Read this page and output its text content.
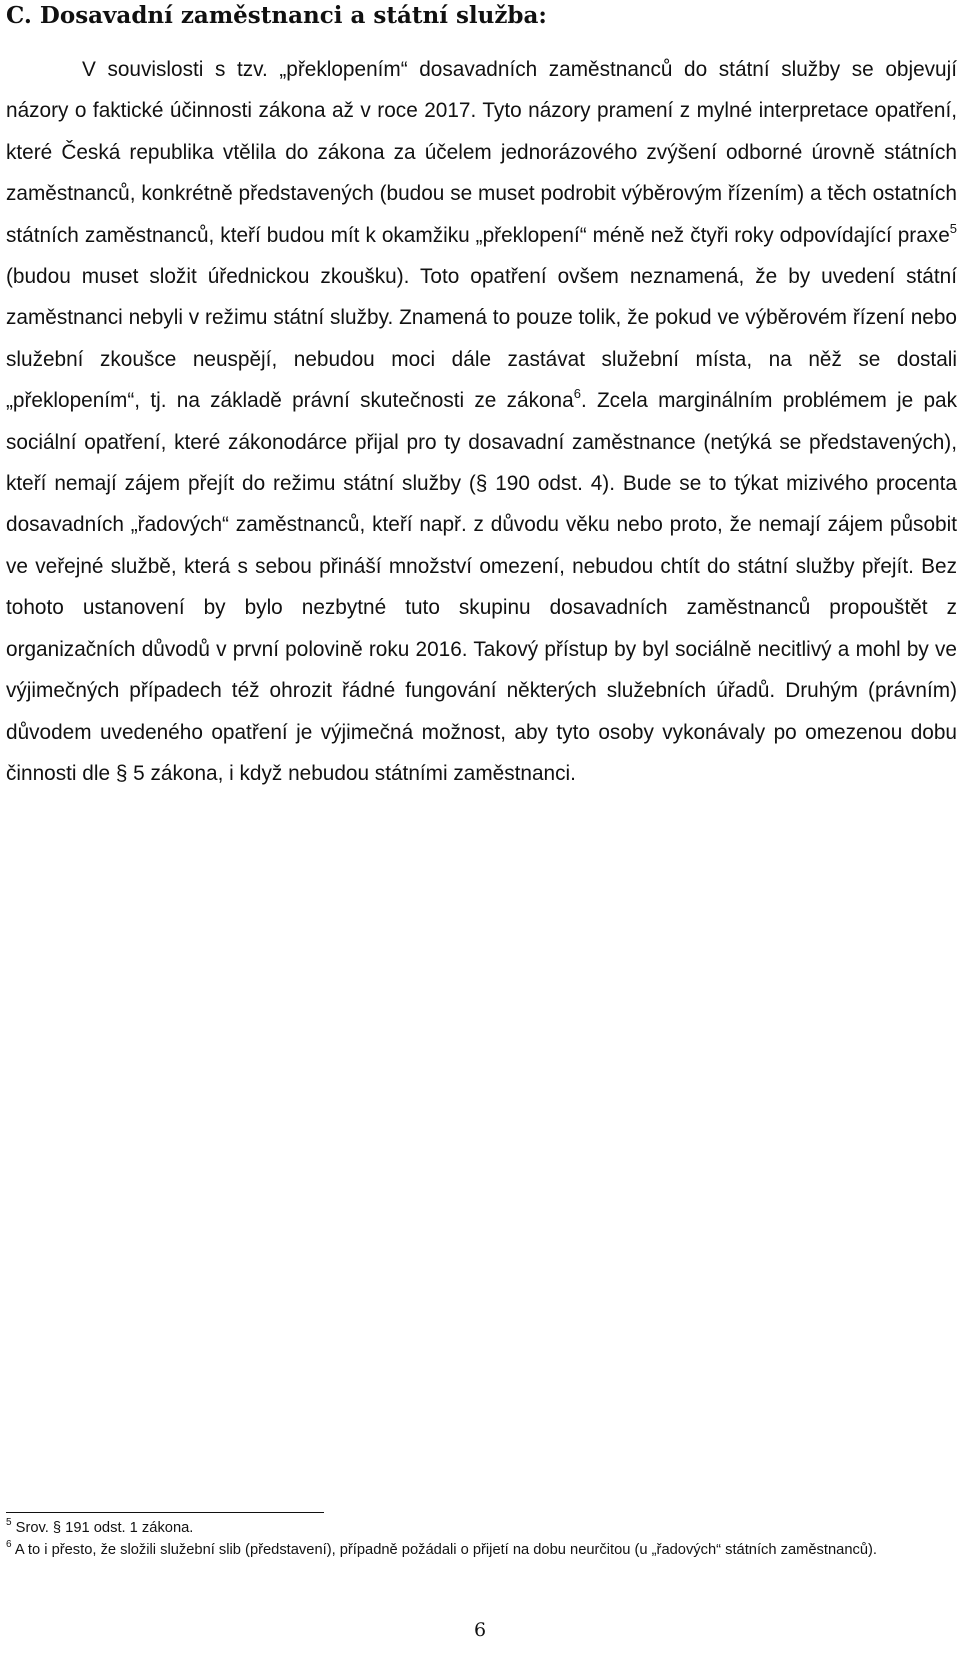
C. Dosavadní zaměstnanci a státní služba:

V souvislosti s tzv. „překlopením“ dosavadních zaměstnanců do státní služby se objevují názory o faktické účinnosti zákona až v roce 2017. Tyto názory pramení z mylné interpretace opatření, které Česká republika vtělila do zákona za účelem jednorázového zvýšení odborné úrovně státních zaměstnanců, konkrétně představených (budou se muset podrobit výběrovým řízením) a těch ostatních státních zaměstnanců, kteří budou mít k okamžiku „překlopení“ méně než čtyři roky odpovídající praxe$^5$ (budou muset složit úřednickou zkoušku). Toto opatření ovšem neznamená, že by uvedení státní zaměstnanci nebyli v režimu státní služby. Znamená to pouze tolik, že pokud ve výběrovém řízení nebo služební zkoušce neuspějí, nebudou moci dále zastávat služební místa, na něž se dostali „překlopením“, tj. na základě právní skutečnosti ze zákona$^6$. Zcela marginálním problémem je pak sociální opatření, které zákonodárce přijal pro ty dosavadní zaměstnance (netýká se představených), kteří nemají zájem přejít do režimu státní služby (§ 190 odst. 4). Bude se to týkat mizivého procenta dosavadních „řadových“ zaměstnanců, kteří např. z důvodu věku nebo proto, že nemají zájem působit ve veřejné službě, která s sebou přináší množství omezení, nebudou chtít do státní služby přejít. Bez tohoto ustanovení by bylo nezbytné tuto skupinu dosavadních zaměstnanců propouštět z organizačních důvodů v první polovině roku 2016. Takový přístup by byl sociálně necitlivý a mohl by ve výjimečných případech též ohrozit řádné fungování některých služebních úřadů. Druhým (právním) důvodem uvedeného opatření je výjimečná možnost, aby tyto osoby vykonávaly po omezenou dobu činnosti dle § 5 zákona, i když nebudou státními zaměstnanci.

$^5$ Srov. § 191 odst. 1 zákona.

$^6$ A to i přesto, že složili služební slib (představení), případně požádali o přijetí na dobu neurčitou (u „řadových“ státních zaměstnanců).

6
